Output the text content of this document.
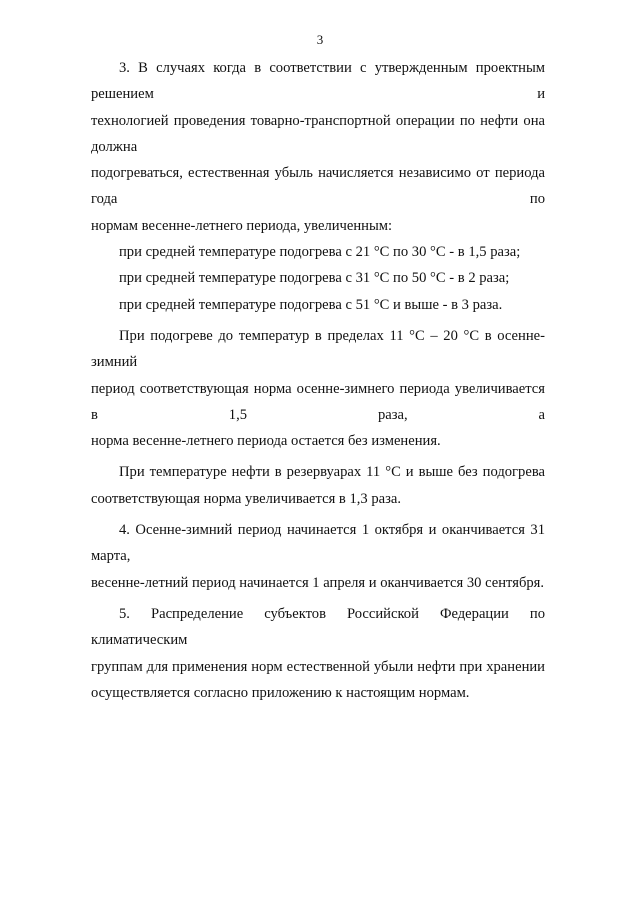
3

3. В случаях когда в соответствии с утвержденным проектным решением и
технологией проведения товарно-транспортной операции по нефти она должна
подогреваться, естественная убыль начисляется независимо от периода года по
нормам весенне-летнего периода, увеличенным:

при средней температуре подогрева с 21 °С по 30 °С - в 1,5 раза;

при средней температуре подогрева с 31 °С по 50 °С - в 2 раза;

при средней температуре подогрева с 51 °С и выше - в 3 раза.

При подогреве до температур в пределах 11 °С – 20 °С в осенне-зимний
период соответствующая норма осенне-зимнего периода увеличивается в 1,5 раза, а
норма весенне-летнего периода остается без изменения.

При температуре нефти в резервуарах 11 °С и выше без подогрева
соответствующая норма увеличивается в 1,3 раза.

4. Осенне-зимний период начинается 1 октября и оканчивается 31 марта,
весенне-летний период начинается 1 апреля и оканчивается 30 сентября.

5. Распределение субъектов Российской Федерации по климатическим
группам для применения норм естественной убыли нефти при хранении
осуществляется согласно приложению к настоящим нормам.
